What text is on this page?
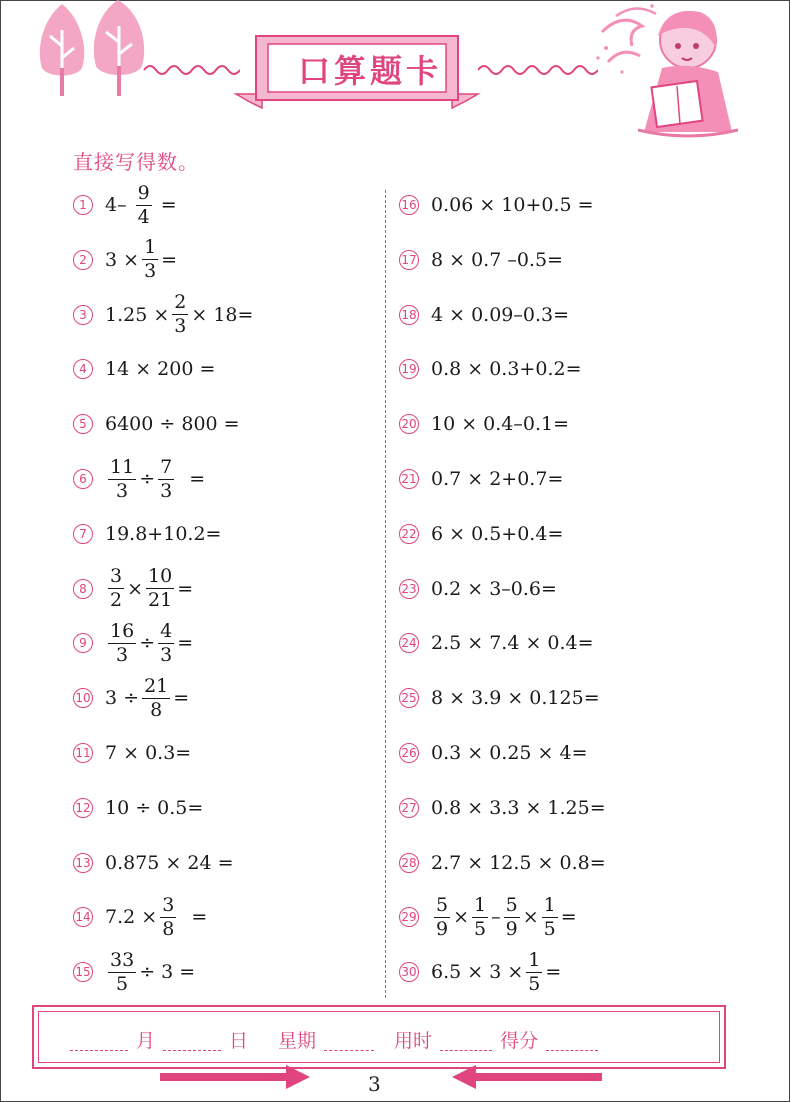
口算题卡
直接写得数。
1 $4- \frac{9}{4}$ =
2 $3 \times \frac{1}{3}$ =
3 $1.25 \times \frac{2}{3} \times 18=$
4 14 × 200 =
5 6400 ÷ 800 =
6	$\frac{11}{3} \div \frac{7}{3}$ =
7 19.8+10.2=
8	$\frac{3}{2} \times \frac{10}{21}$ =
9	$\frac{16}{3} \div \frac{4}{3}$ =
10 $3 \div \frac{21}{8}$ =
11 7 × 0.3=
12 10 ÷ 0.5=
13 0.875 × 24 =
14 $7.2 \times \frac{3}{8}$ =
$15 \frac{33}{5} \div 3$ =
16 0.06 × 10+0.5 =
17 8 × 0.7 –0.5=
18 4 × 0.09–0.3=
19 0.8 × 0.3+0.2=
20 10 × 0.4–0.1=
21 0.7 × 2+0.7=
22 6 × 0.5+0.4=
23 0.2 × 3–0.6=
24 2.5 × 7.4 × 0.4=
25 8 × 3.9 × 0.125=
26 0.3 × 0.25 × 4=
27 0.8 × 3.3 × 1.25=
28 2.7 × 12.5 × 0.8=
$29 \frac{5}{9} \times \frac{1}{5} - \frac{5}{9} \times \frac{1}{5}$ =
30 $6.5 \times 3 \times \frac{1}{5}$ =
月	日 星期	用时	得分
3
